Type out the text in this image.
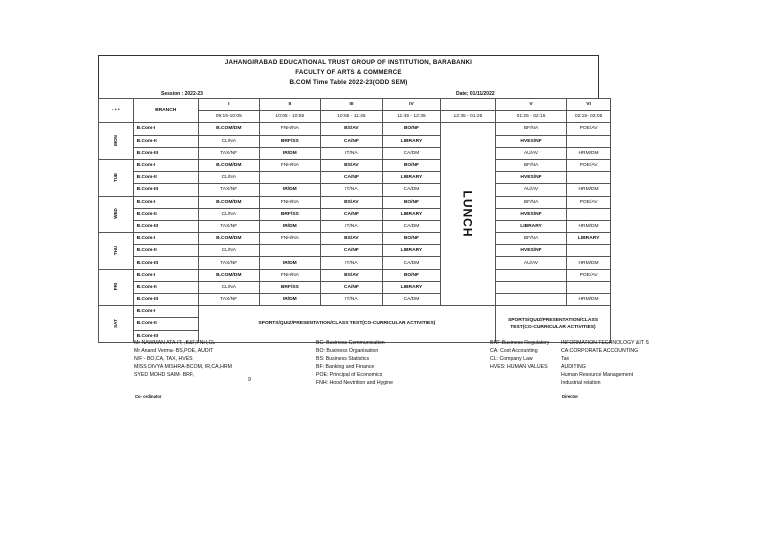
JAHANGIRABAD EDUCATIONAL TRUST GROUP OF INSTITUTION, BARABANKI
FACULTY OF ARTS & COMMERCE
B.COM Time Table 2022-23(ODD SEM)
Session : 2022-23	Date; 01/11/2022
- • •	BRANCH	I	II	III	IV		V	VI
		09:15-10:05	10:05 - 10:55	10:55 - 11:45	11:45 - 12:35	12:35 - 01:25	01:25 - 02:15	02:15- 03:05
MON	B.Com-I	B.COM/DM	FNH/NA	BS/AV	BO/NF	LUNCH	BF/NA	POE/AV
	B.Com-II	CL/NA	BRF/SS	CA/NF	LIBRARY		HVES/NF	
	B.Com-III	TAX/NF	IR/DM	IT/NA	CA/DM		AU/AV	HRM/DM
TUE	B.Com-I	B.COM/DM	FNH/NA	BS/AV	BO/NF		BF/NA	POE/AV
	B.Com-II	CL/NA		CA/NF	LIBRARY		HVES/NF	
	B.Com-III	TAX/NF	IR/DM	IT/NA	CA/DM		AU/AV	HRM/DM
WED	B.Com-I	B.COM/DM	FNH/NA	BS/AV	BO/NF		BF/NA	POE/AV
	B.Com-II	CL/NA	BRF/SS	CA/NF	LIBRARY		HVES/NF	
	B.Com-III	TAX/NF	IR/DM	IT/NA	CA/DM		LIBRARY	HRM/DM
THU	B.Com-I	B.COM/DM	FNH/NA	BS/AV	BO/NF		BF/NA	LIBRARY
	B.Com-II	CL/NA		CA/NF	LIBRARY		HVES/NF	
	B.Com-III	TAX/NF	IR/DM	IT/NA	CA/DM		AU/AV	HRM/DM
FRI	B.Com-I	B.COM/DM	FNH/NA	BS/AV	BO/NF			POE/AV
	B.Com-II	CL/NA	BRF/SS	CA/NF	LIBRARY			
	B.Com-III	TAX/NF	IR/DM	IT/NA	CA/DM			HRM/DM
SAT	B.Com-I	SPORTS/QUIZ/PRESENTATION/CLASS TEST(CO-CURRICULAR ACTIVITIES)					SPORTS/QUIZ/PRESENTATION/CLASS TEST(CO-CURRICULAR ACTIVITIES)	
	B.Com-II							
	B.Com-III							
Mr NAWMAN ATA-IT, ,B&F,FNH,CL
Mr Anand Verma- BS,POE, AUDIT
N/F - BO,CA, TAX, HVES
MISS DIVYA MISHRA-BCOM, IR,CA,HRM
SYED MOHD SAIM- BRF,
9
BC: Business Communication
BO: Business Organisation
BS: Business Statistics
BF: Banking and Finance
POE: Principal of Economics
FNH: Hood Nevtrition and Hygine
BRF:Business Regulatory
CA: Cost Accounting
CL: Company Law
HVES: HUMAN VALUES
INFORMATION TECHNOLOGY &IT S
CA:CORPORATE ACCOUNTING
Tax
AUDITING
Human Resource Management
Industrial relation
Co- ordinator	Director
